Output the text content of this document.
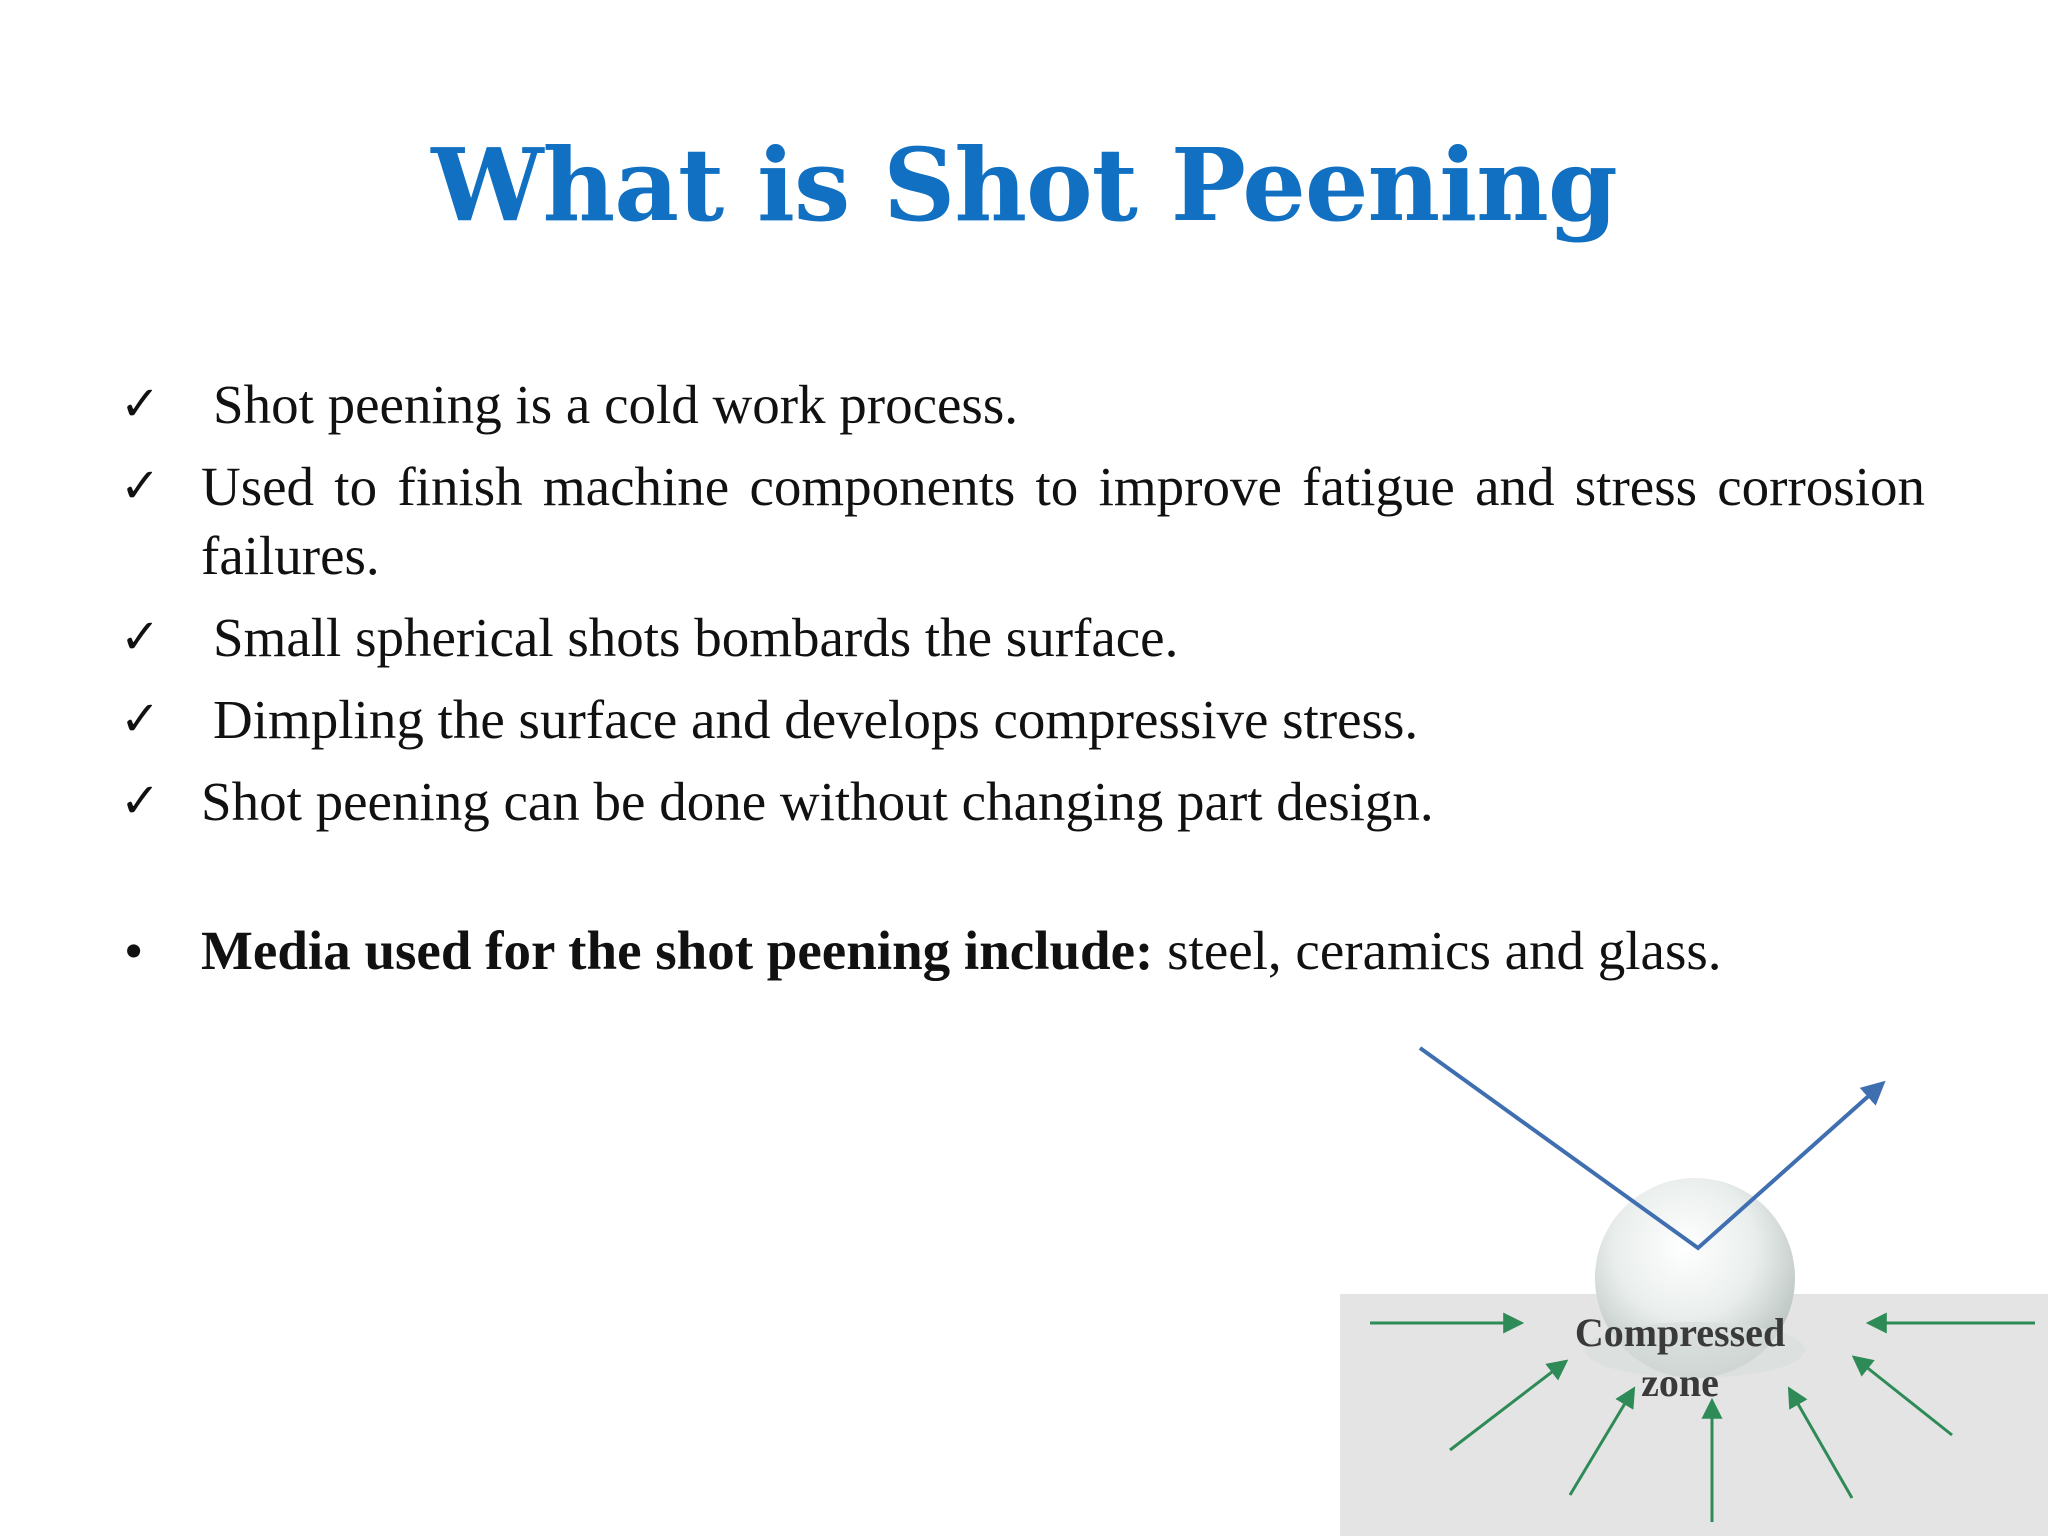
What is Shot Peening
✓ Shot peening is a cold work process.
✓ Used to finish machine components to improve fatigue and stress corrosion failures.
✓ Small spherical shots bombards the surface.
✓ Dimpling the surface and develops compressive stress.
✓ Shot peening can be done without changing part design.
•	Media used for the shot peening include: steel, ceramics and glass.
Compressed
zone
